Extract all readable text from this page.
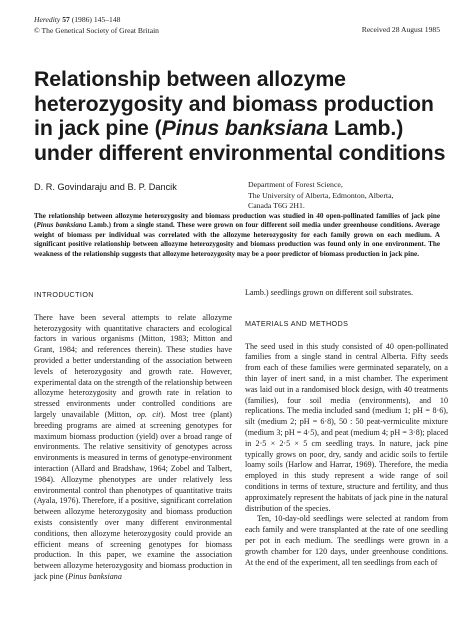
Heredity 57 (1986) 145–148
© The Genetical Society of Great Britain	Received 28 August 1985
Relationship between allozyme heterozygosity and biomass production in jack pine (Pinus banksiana Lamb.) under different environmental conditions
D. R. Govindaraju and B. P. Dancik	Department of Forest Science,
The University of Alberta, Edmonton, Alberta,
Canada T6G 2H1.
The relationship between allozyme heterozygosity and biomass production was studied in 40 open-pollinated families of jack pine (Pinus banksiana Lamb.) from a single stand. These were grown on four different soil media under greenhouse conditions. Average weight of biomass per individual was correlated with the allozyme heterozygosity for each family grown on each medium. A significant positive relationship between allozyme heterozygosity and biomass production was found only in one environment. The weakness of the relationship suggests that allozyme heterozygosity may be a poor predictor of biomass production in jack pine.
INTRODUCTION

There have been several attempts to relate allozyme heterozygosity with quantitative characters and ecological factors in various organisms (Mitton, 1983; Mitton and Grant, 1984; and references therein). These studies have provided a better understanding of the association between levels of heterozygosity and growth rate. However, experimental data on the strength of the relationship between allozyme heterozygosity and growth rate in relation to stressed environments under controlled conditions are largely unavailable (Mitton, op. cit). Most tree (plant) breeding programs are aimed at screening genotypes for maximum biomass production (yield) over a broad range of environments. The relative sensitivity of genotypes across environments is measured in terms of genotype-environment interaction (Allard and Bradshaw, 1964; Zobel and Talbert, 1984). Allozyme phenotypes are under relatively less environmental control than phenotypes of quantitative traits (Ayala, 1976). Therefore, if a positive, significant correlation between allozyme heterozygosity and biomass production exists consistently over many different environmental conditions, then allozyme heterozygosity could provide an efficient means of screening genotypes for biomass production. In this paper, we examine the association between allozyme heterozygosity and biomass production in jack pine (Pinus banksiana

Lamb.) seedlings grown on different soil substrates.

MATERIALS AND METHODS

The seed used in this study consisted of 40 open-pollinated families from a single stand in central Alberta. Fifty seeds from each of these families were germinated separately, on a thin layer of inert sand, in a mist chamber. The experiment was laid out in a randomised block design, with 40 treatments (families), four soil media (environments), and 10 replications. The media included sand (medium 1; pH = 8·6), silt (medium 2; pH = 6·8), 50 : 50 peat-vermiculite mixture (medium 3; pH = 4·5), and peat (medium 4; pH = 3·8); placed in 2·5 × 2·5 × 5 cm seedling trays. In nature, jack pine typically grows on poor, dry, sandy and acidic soils to fertile loamy soils (Harlow and Harrar, 1969). Therefore, the media employed in this study represent a wide range of soil conditions in terms of texture, structure and fertility, and thus approximately represent the habitats of jack pine in the natural distribution of the species.

Ten, 10-day-old seedlings were selected at random from each family and were transplanted at the rate of one seedling per pot in each medium. The seedlings were grown in a growth chamber for 120 days, under greenhouse conditions. At the end of the experiment, all ten seedlings from each of
